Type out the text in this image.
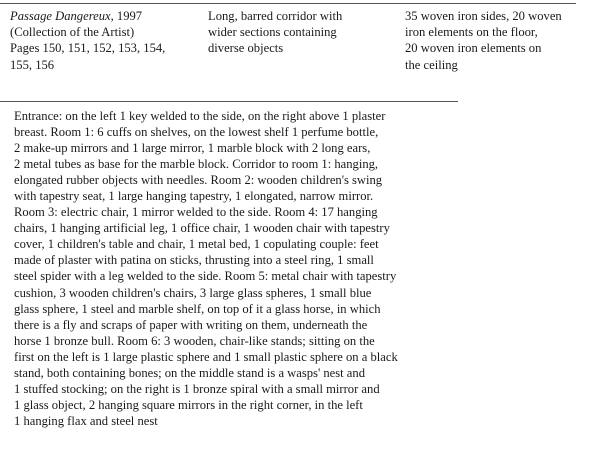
Passage Dangereux, 1997
(Collection of the Artist)
Pages 150, 151, 152, 153, 154,
155, 156
Long, barred corridor with
wider sections containing
diverse objects
35 woven iron sides, 20 woven
iron elements on the floor,
20 woven iron elements on
the ceiling
Entrance: on the left 1 key welded to the side, on the right above 1 plaster
breast. Room 1: 6 cuffs on shelves, on the lowest shelf 1 perfume bottle,
2 make-up mirrors and 1 large mirror, 1 marble block with 2 long ears,
2 metal tubes as base for the marble block. Corridor to room 1: hanging,
elongated rubber objects with needles. Room 2: wooden children's swing
with tapestry seat, 1 large hanging tapestry, 1 elongated, narrow mirror.
Room 3: electric chair, 1 mirror welded to the side. Room 4: 17 hanging
chairs, 1 hanging artificial leg, 1 office chair, 1 wooden chair with tapestry
cover, 1 children's table and chair, 1 metal bed, 1 copulating couple: feet
made of plaster with patina on sticks, thrusting into a steel ring, 1 small
steel spider with a leg welded to the side. Room 5: metal chair with tapestry
cushion, 3 wooden children's chairs, 3 large glass spheres, 1 small blue
glass sphere, 1 steel and marble shelf, on top of it a glass horse, in which
there is a fly and scraps of paper with writing on them, underneath the
horse 1 bronze bull. Room 6: 3 wooden, chair-like stands; sitting on the
first on the left is 1 large plastic sphere and 1 small plastic sphere on a black
stand, both containing bones; on the middle stand is a wasps' nest and
1 stuffed stocking; on the right is 1 bronze spiral with a small mirror and
1 glass object, 2 hanging square mirrors in the right corner, in the left
1 hanging flax and steel nest
